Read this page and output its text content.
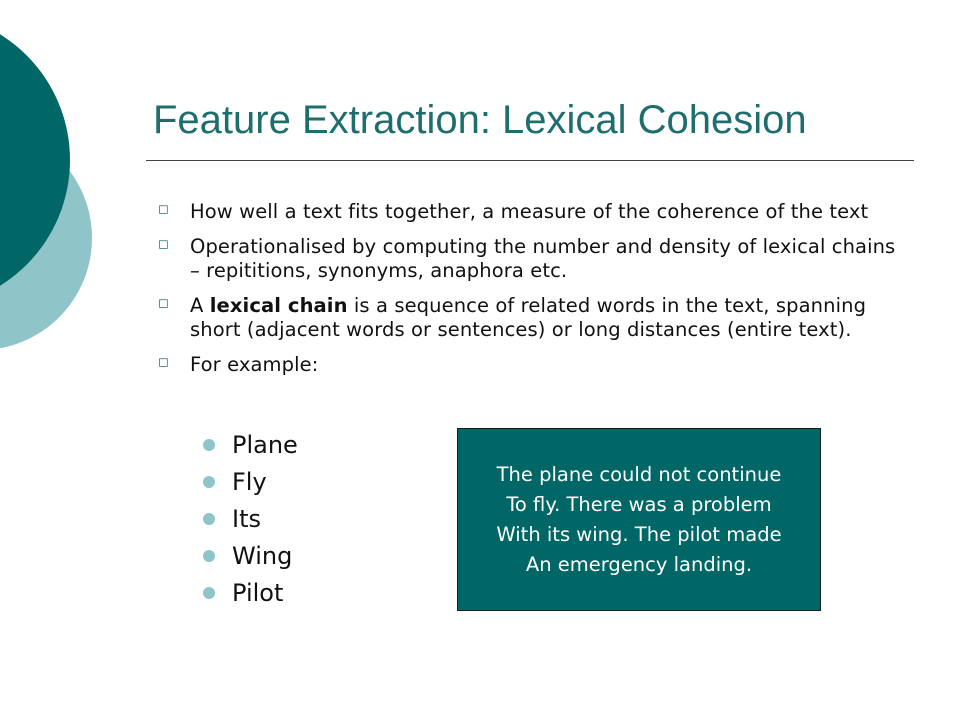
Feature Extraction: Lexical Cohesion
◻ How well a text fits together, a measure of the coherence of the text
◻ Operationalised by computing the number and density of lexical chains – repititions, synonyms, anaphora etc.
◻ A lexical chain is a sequence of related words in the text, spanning short (adjacent words or sentences) or long distances (entire text).
◻ For example:
Plane
Fly
Its
Wing
Pilot
The plane could not continue
To fly. There was a problem
With its wing. The pilot made
An emergency landing.
